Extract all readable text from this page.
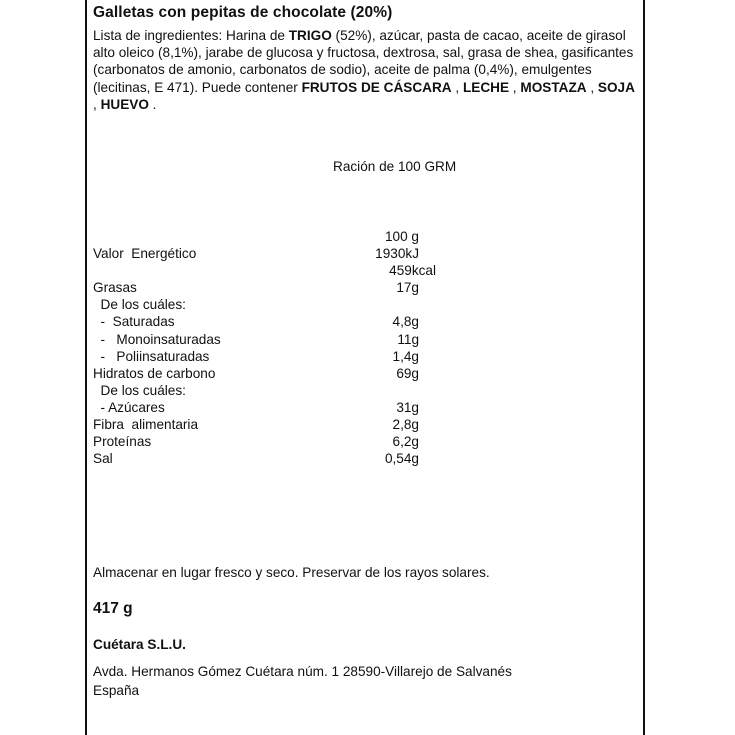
Galletas con pepitas de chocolate (20%)
Lista de ingredientes: Harina de TRIGO (52%), azúcar, pasta de cacao, aceite de girasol alto oleico (8,1%), jarabe de glucosa y fructosa, dextrosa, sal, grasa de shea, gasificantes (carbonatos de amonio, carbonatos de sodio), aceite de palma (0,4%), emulgentes (lecitinas, E 471). Puede contener FRUTOS DE CÁSCARA , LECHE , MOSTAZA , SOJA , HUEVO .
Ración de 100 GRM
100 g
Valor  Energético	1930kJ
459kcal
Grasas	17g
De los cuáles:
-  Saturadas	4,8g
-   Monoinsaturadas	11g
-   Poliinsaturadas	1,4g
Hidratos de carbono	69g
De los cuáles:
- Azúcares	31g
Fibra  alimentaria	2,8g
Proteínas	6,2g
Sal	0,54g
Almacenar en lugar fresco y seco. Preservar de los rayos solares.
417 g
Cuétara S.L.U.
Avda. Hermanos Gómez Cuétara núm. 1 28590-Villarejo de Salvanés
España
